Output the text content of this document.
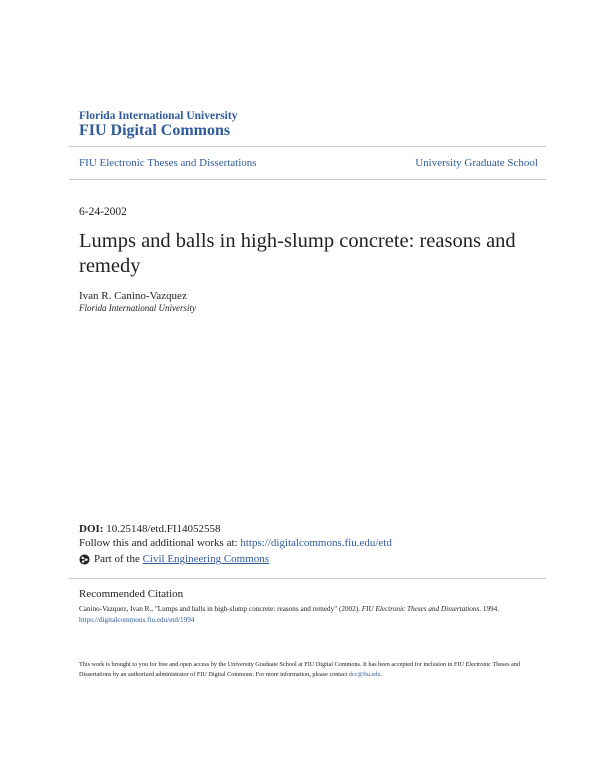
Florida International University
FIU Digital Commons
FIU Electronic Theses and Dissertations	University Graduate School
6-24-2002
Lumps and balls in high-slump concrete: reasons and remedy
Ivan R. Canino-Vazquez
Florida International University
DOI: 10.25148/etd.FI14052558
Follow this and additional works at: https://digitalcommons.fiu.edu/etd
Part of the
Civil Engineering Commons
Recommended Citation
Canino-Vazquez, Ivan R., "Lumps and balls in high-slump concrete: reasons and remedy" (2002). FIU Electronic Theses and Dissertations. 1994.
https://digitalcommons.fiu.edu/etd/1994
This work is brought to you for free and open access by the University Graduate School at FIU Digital Commons. It has been accepted for inclusion in FIU Electronic Theses and Dissertations by an authorized administrator of FIU Digital Commons. For more information, please contact dcc@fiu.edu.
